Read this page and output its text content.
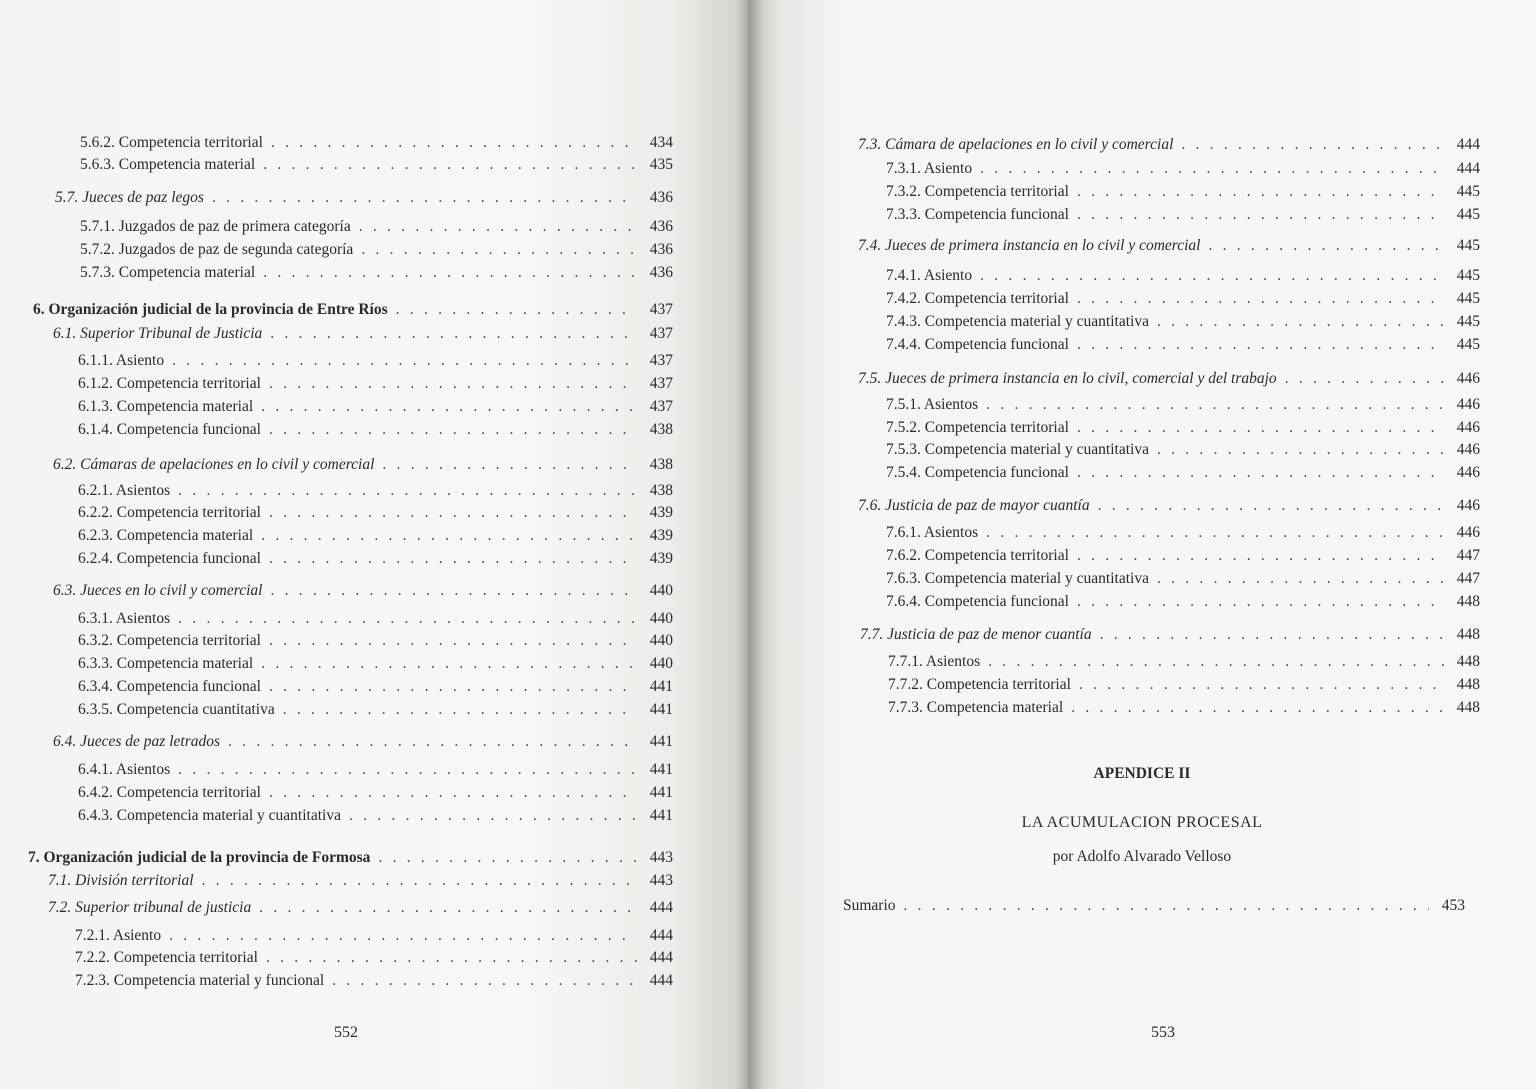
5.6.2. Competencia territorial . . .	434
5.6.3. Competencia material . . .	435
5.7. Jueces de paz legos . . .	436
5.7.1. Juzgados de paz de primera categoría . . .	436
5.7.2. Juzgados de paz de segunda categoría . . .	436
5.7.3. Competencia material . . .	436
6. Organización judicial de la provincia de Entre Ríos . . .	437
6.1. Superior Tribunal de Justicia . . .	437
6.1.1. Asiento . . .	437
6.1.2. Competencia territorial . . .	437
6.1.3. Competencia material . . .	437
6.1.4. Competencia funcional . . .	438
6.2. Cámaras de apelaciones en lo civil y comercial . . .	438
6.2.1. Asientos . . .	438
6.2.2. Competencia territorial . . .	439
6.2.3. Competencia material . . .	439
6.2.4. Competencia funcional . . .	439
6.3. Jueces en lo civil y comercial . . .	440
6.3.1. Asientos . . .	440
6.3.2. Competencia territorial . . .	440
6.3.3. Competencia material . . .	440
6.3.4. Competencia funcional . . .	441
6.3.5. Competencia cuantitativa . . .	441
6.4. Jueces de paz letrados . . .	441
6.4.1. Asientos . . .	441
6.4.2. Competencia territorial . . .	441
6.4.3. Competencia material y cuantitativa . . .	441
7. Organización judicial de la provincia de Formosa . . .	443
7.1. División territorial . . .	443
7.2. Superior tribunal de justicia . . .	444
7.2.1. Asiento . . .	444
7.2.2. Competencia territorial . . .	444
7.2.3. Competencia material y funcional . . .	444
552
7.3. Cámara de apelaciones en lo civil y comercial . . .	444
7.3.1. Asiento . . .	444
7.3.2. Competencia territorial . . .	445
7.3.3. Competencia funcional . . .	445
7.4. Jueces de primera instancia en lo civil y comercial . . .	445
7.4.1. Asiento . . .	445
7.4.2. Competencia territorial . . .	445
7.4.3. Competencia material y cuantitativa . . .	445
7.4.4. Competencia funcional . . .	445
7.5. Jueces de primera instancia en lo civil, comercial y del trabajo . . .	446
7.5.1. Asientos . . .	446
7.5.2. Competencia territorial . . .	446
7.5.3. Competencia material y cuantitativa . . .	446
7.5.4. Competencia funcional . . .	446
7.6. Justicia de paz de mayor cuantía . . .	446
7.6.1. Asientos . . .	446
7.6.2. Competencia territorial . . .	447
7.6.3. Competencia material y cuantitativa . . .	447
7.6.4. Competencia funcional . . .	448
7.7. Justicia de paz de menor cuantía . . .	448
7.7.1. Asientos . . .	448
7.7.2. Competencia territorial . . .	448
7.7.3. Competencia material . . .	448
APENDICE II
LA ACUMULACION PROCESAL
por Adolfo Alvarado Velloso
Sumario . . .	453
553
